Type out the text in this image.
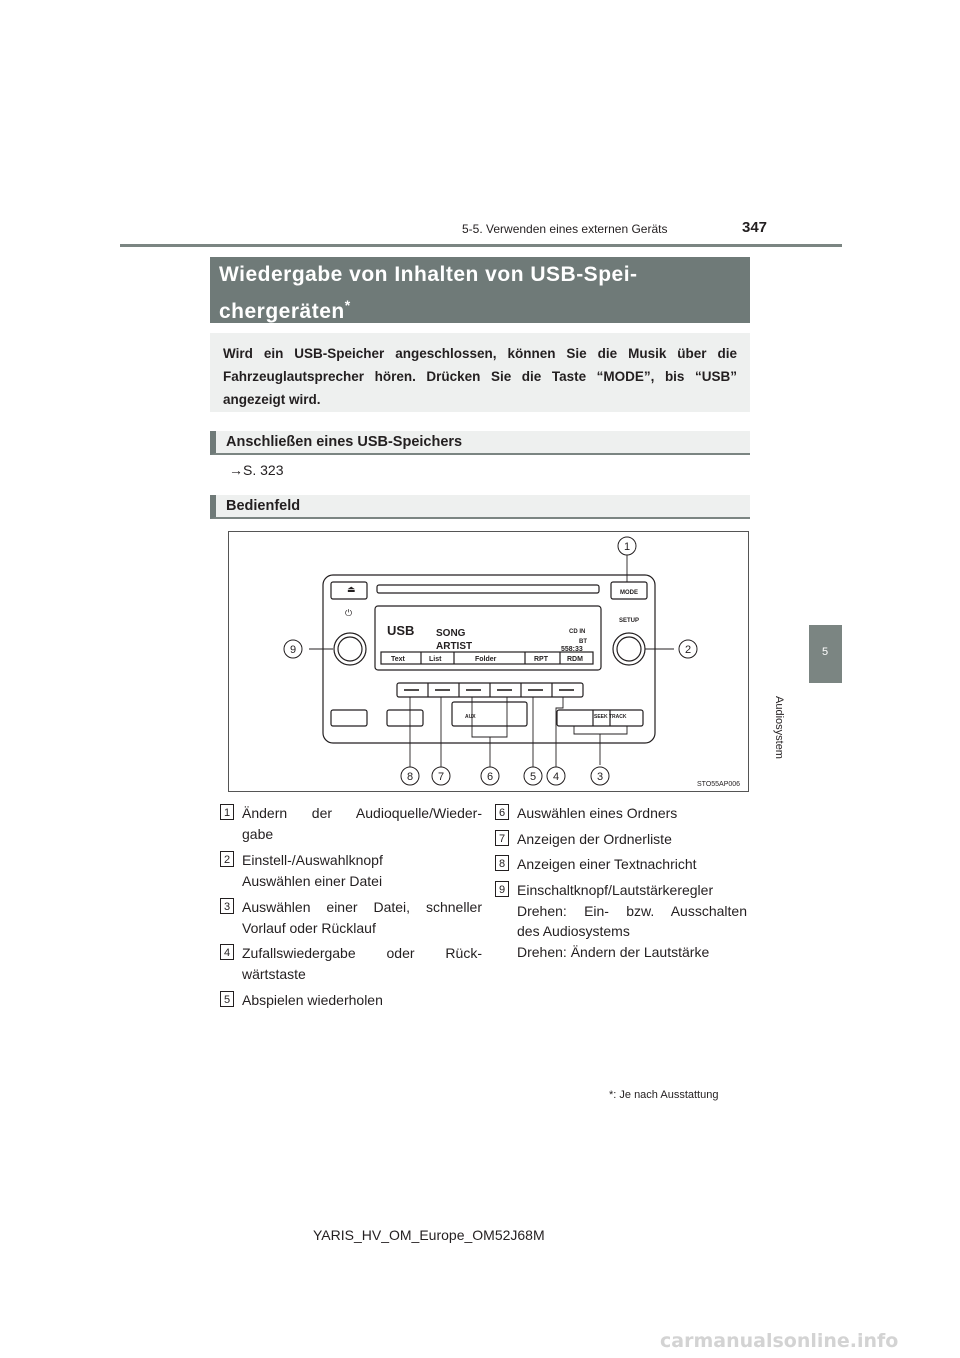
5-5. Verwenden eines externen Geräts	347
5
Audiosystem
Wiedergabe von Inhalten von USB-Spei-
chergeräten*
Wird ein USB-Speicher angeschlossen, können Sie die Musik über die Fahrzeuglautsprecher hören. Drücken Sie die Taste “MODE”, bis “USB” angezeigt wird.
Anschließen eines USB-Speichers
→S. 323
Bedienfeld
MODE
SETUP
SEEK TRACK
AUX
USB SONG
ARTIST
CD IN
BT
558:33
Text	List	Folder	RPT	RDM
⏏
⏻
1
2
3
4
5
6
7
8
9
STO55AP006
1 Ändern der Audioquelle/Wieder-
gabe
2 Einstell-/Auswahlknopf
Auswählen einer Datei
3 Auswählen einer Datei, schneller
Vorlauf oder Rücklauf
4 Zufallswiedergabe oder Rück-
wärtstaste
5 Abspielen wiederholen
6 Auswählen eines Ordners
7 Anzeigen der Ordnerliste
8 Anzeigen einer Textnachricht
9 Einschaltknopf/Lautstärkeregler
Drehen: Ein- bzw. Ausschalten
des Audiosystems
Drehen: Ändern der Lautstärke
*: Je nach Ausstattung
YARIS_HV_OM_Europe_OM52J68M
carmanualsonline.info
